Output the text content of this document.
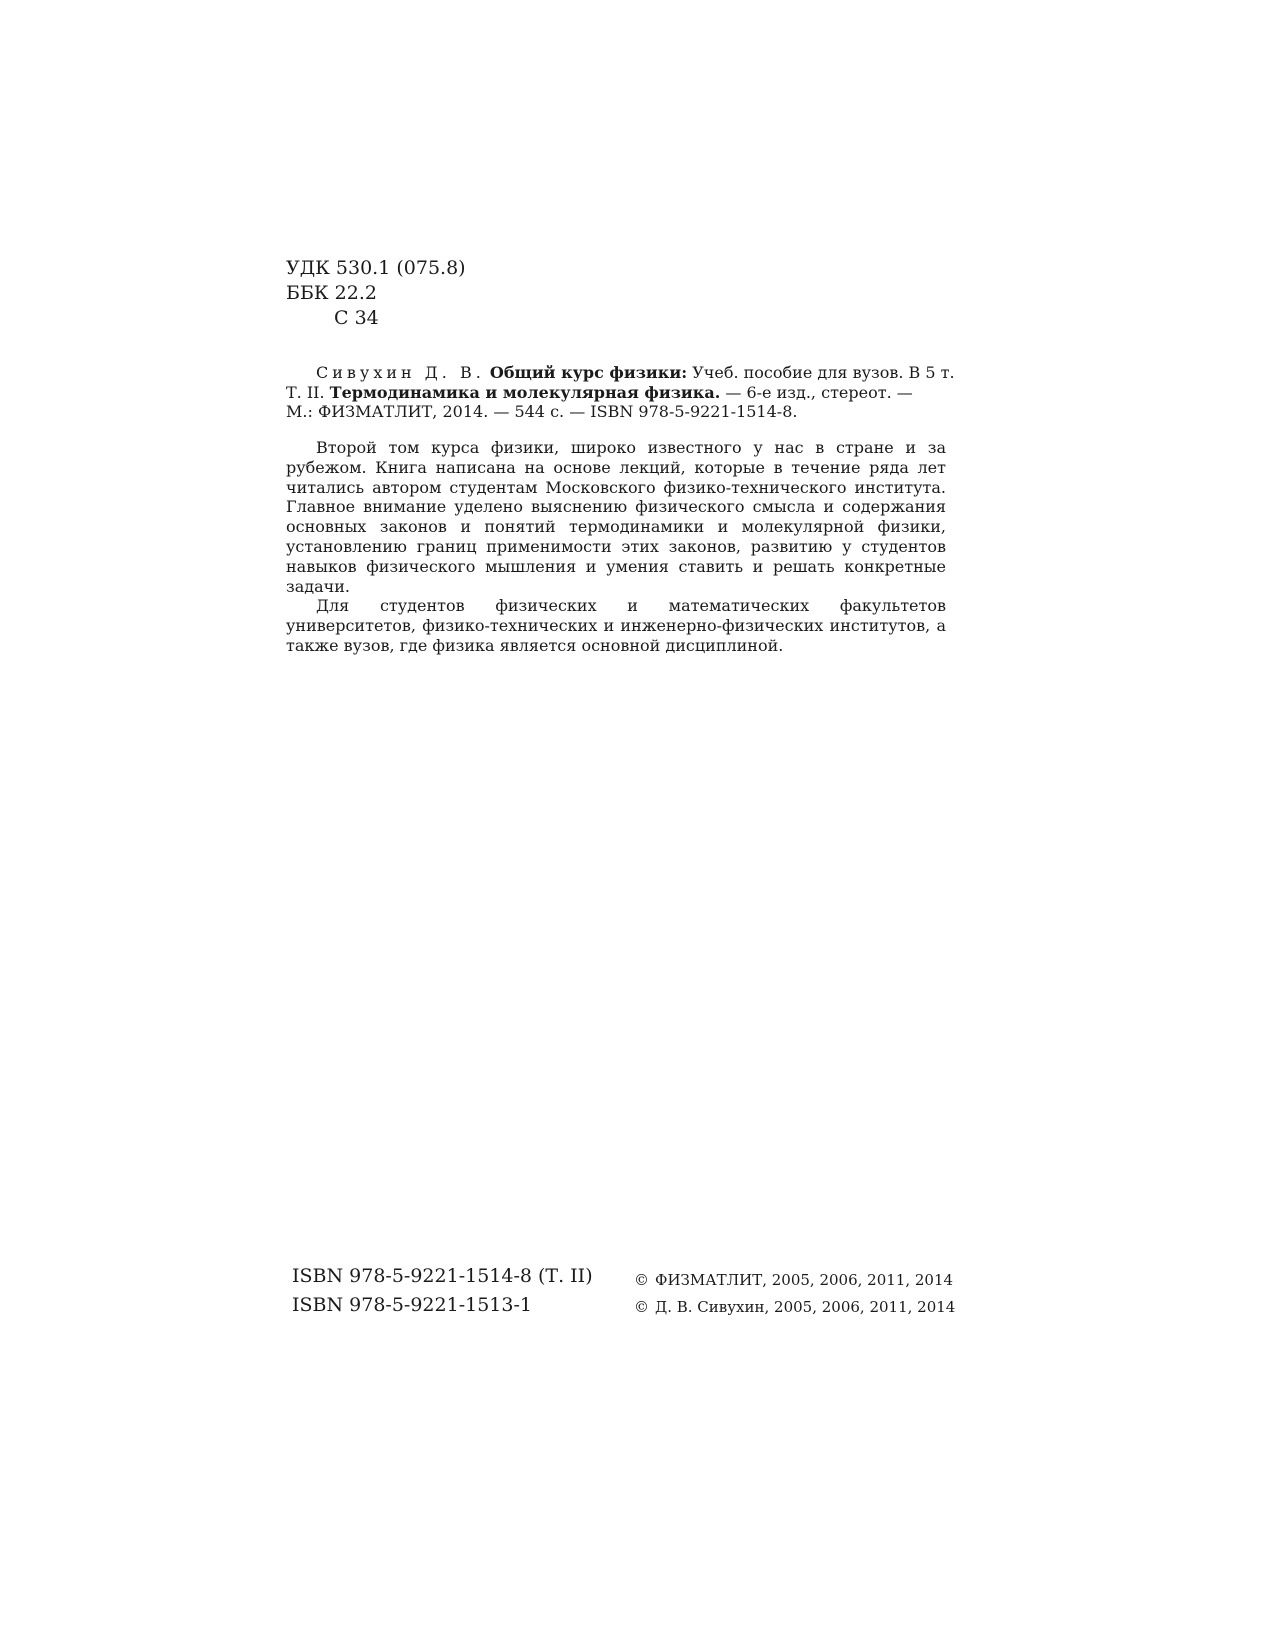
УДК 530.1 (075.8)
ББК 22.2
С 34
Сивухин Д. В. Общий курс физики: Учеб. пособие для вузов. В 5 т.
Т. II. Термодинамика и молекулярная физика. — 6-е изд., стереот. —
М.: ФИЗМАТЛИТ, 2014. — 544 с. — ISBN 978-5-9221-1514-8.

Второй том курса физики, широко известного у нас в стране и за рубежом. Книга написана на основе лекций, которые в течение ряда лет читались автором студентам Московского физико-технического института. Главное внимание уделено выяснению физического смысла и содержания основных законов и понятий термодинамики и молекулярной физики, установлению границ применимости этих законов, развитию у студентов навыков физического мышления и умения ставить и решать конкретные задачи.

Для студентов физических и математических факультетов университетов, физико-технических и инженерно-физических институтов, а также вузов, где физика является основной дисциплиной.

ISBN 978-5-9221-1514-8 (Т. II)
ISBN 978-5-9221-1513-1
© ФИЗМАТЛИТ, 2005, 2006, 2011, 2014
© Д. В. Сивухин, 2005, 2006, 2011, 2014
